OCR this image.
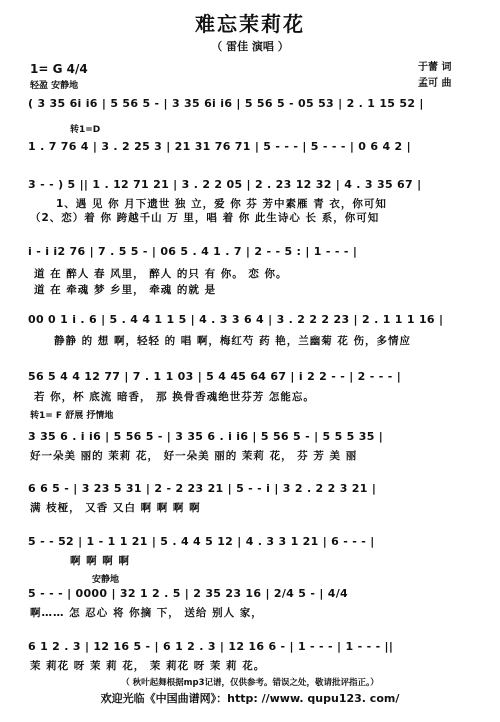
难忘茉莉花
（ 雷佳 演唱 ）
于蕾 词
孟可 曲
1= G 4/4
轻盈 安静地
( 3 35 6i i6 | 5 56 5 - | 3 35 6i i6 | 5 56 5 - 05 53 | 2 . 1 15 52 |
转1=D
1 . 7 76 4 | 3 . 2 25 3 | 21 31 76 71 | 5 - - - | 5 - - - | 0 6 4 2 |
3 - - ) 5 || 1 . 12 71 21 | 3 . 2 2 05 | 2 . 23 12 32 | 4 . 3 35 67 |
1、遇 见 你 月下遗世 独 立，爱 你 芬 芳中素雁 青 衣，你可知
（2、恋）着 你 跨越千山 万 里，唱 着 你 此生诗心 长 系，你可知
i - i i2 76 | 7 . 5 5 - | 06 5 . 4 1 . 7 | 2 - - 5 : | 1 - - - |
道 在 醉人 春 风里， 醉人 的只 有 你。 恋 你。
道 在 牵魂 梦 乡里， 牵魂 的就 是
00 0 1 i . 6 | 5 . 4 4 1 1 5 | 4 . 3 3 6 4 | 3 . 2 2 2 23 | 2 . 1 1 1 16 |
静静 的 想 啊，轻轻 的 唱 啊，梅红芍 药 艳，兰幽菊 花 伤，多情应
56 5 4 4 12 77 | 7 . 1 1 03 | 5 4 45 64 67 | i 2 2 - - | 2 - - - |
若 你，杯 底流 暗香， 那 换骨香魂绝世芬芳 怎能忘。
转1= F 舒展 抒情地
3 35 6 . i i6 | 5 56 5 - | 3 35 6 . i i6 | 5 56 5 - | 5 5 5 35 |
好一朵美 丽的 茉莉 花， 好一朵美 丽的 茉莉 花， 芬 芳 美 丽
6 6 5 - | 3 23 5 31 | 2 - 2 23 21 | 5 - - i | 3 2 . 2 2 3 21 |
满 枝桠， 又香 又白 啊 啊 啊 啊
5 - - 52 | 1 - 1 1 21 | 5 . 4 4 5 12 | 4 . 3 3 1 21 | 6 - - - |
啊 啊 啊 啊
安静地
5 - - - | 0000 | 32 1 2 . 5 | 2 35 23 16 | 2/4 5 - | 4/4
啊…… 怎 忍心 将 你摘 下， 送给 别人 家，
6 1 2 . 3 | 12 16 5 - | 6 1 2 . 3 | 12 16 6 - | 1 - - - | 1 - - - ||
茉 莉花 呀 茉 莉 花， 茉 莉花 呀 茉 莉 花。
（ 秋叶起舞根据mp3记谱，仅供参考。错误之处，敬请批评指正。）
欢迎光临《中国曲谱网》：http: //www. qupu123. com/
